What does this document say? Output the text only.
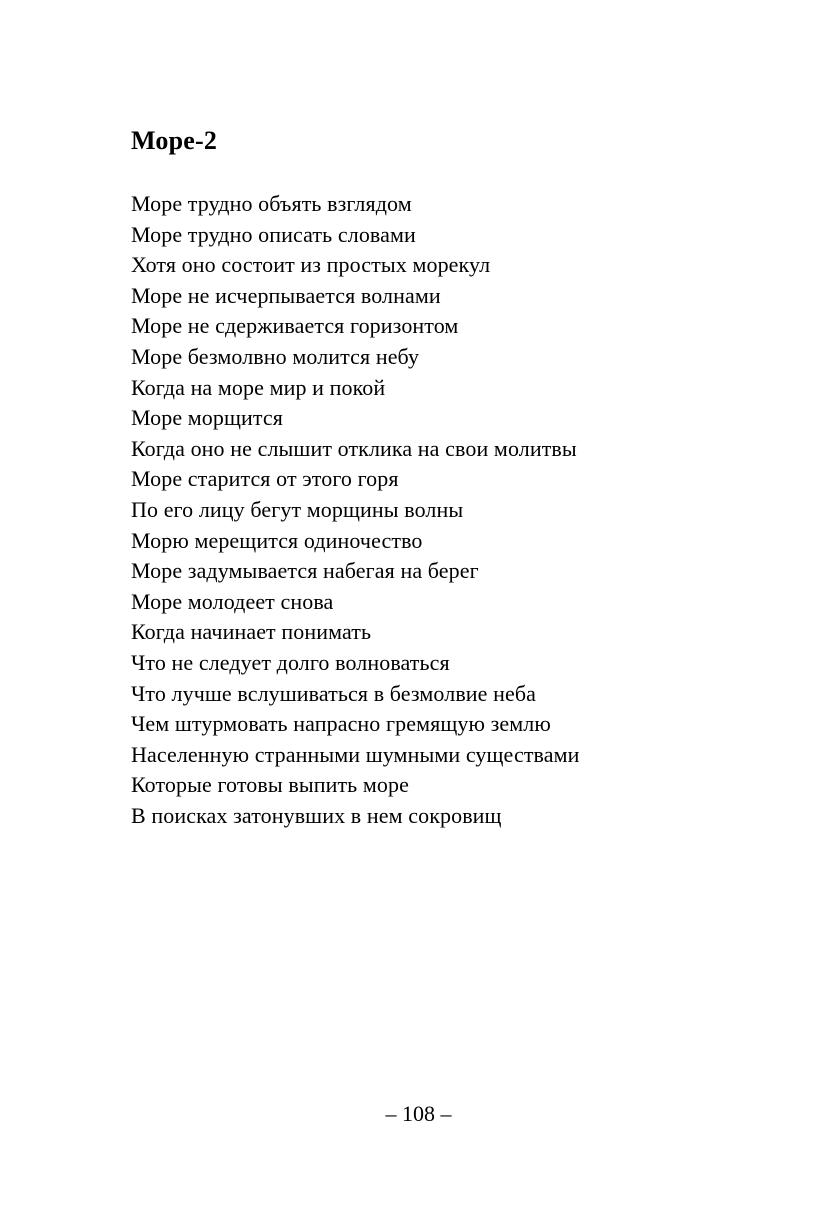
Море-2
Море трудно объять взглядом
Море трудно описать словами
Хотя оно состоит из простых морекул
Море не исчерпывается волнами
Море не сдерживается горизонтом
Море безмолвно молится небу
Когда на море мир и покой
Море морщится
Когда оно не слышит отклика на свои молитвы
Море старится от этого горя
По его лицу бегут морщины волны
Морю мерещится одиночество
Море задумывается набегая на берег
Море молодеет снова
Когда начинает понимать
Что не следует долго волноваться
Что лучше вслушиваться в безмолвие неба
Чем штурмовать напрасно гремящую землю
Населенную странными шумными существами
Которые готовы выпить море
В поисках затонувших в нем сокровищ
– 108 –
